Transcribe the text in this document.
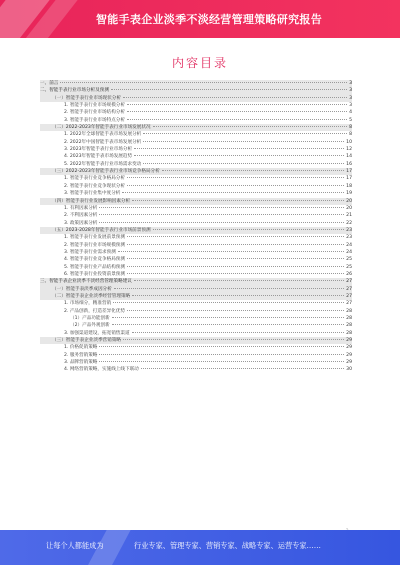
智能手表企业淡季不淡经营管理策略研究报告
内容目录
一、前言	3
二、智能手表行业市场分析及预测	3
（一）智能手表行业市场现状分析	3
1. 智能手表行业市场规模分析	3
2. 智能手表行业市场结构分析	4
3. 智能手表行业市场特点分析	5
（二）2022-2023年智能手表行业市场发展状况	8
1. 2022年全球智能手表市场发展分析	8
2. 2022年中国智能手表市场发展分析	10
3. 2023年智能手表行业市场分析	12
4. 2023年智能手表市场发展趋势	14
5. 2022年智能手表行业市场需求变动	16
（三）2022-2023年智能手表行业市场竞争格局分析	17
1. 智能手表行业竞争格局分析	17
2. 智能手表行业竞争现状分析	18
3. 智能手表行业集中度分析	19
（四）智能手表行业发展影响因素分析	20
1. 有利因素分析	20
2. 不利因素分析	21
3. 政策因素分析	22
（五）2023-2028年智能手表行业市场前景预测	23
1. 智能手表行业发展前景预测	23
2. 智能手表行业市场规模预测	24
3. 智能手表行业需求预测	24
4. 智能手表行业竞争格局预测	25
5. 智能手表行业产品结构预测	25
6. 智能手表行业投资前景预测	26
三、智能手表企业淡季不淡经营管理策略建议	27
（一）智能手表淡季成因分析	27
（二）智能手表企业淡季经营管理策略	27
1. 市场细分，精准营销	27
2. 产品创新，打造差异化优势	28
（1）产品功能创新	28
（2）产品外观创新	28
3. 加强渠道建设，拓宽销售渠道	28
（三）智能手表企业淡季营销策略	29
1. 价格促销策略	29
2. 服务营销策略	29
3. 品牌营销策略	29
4. 网络营销策略，实施线上线下联动	30
让每个人都能成为	行业专家、管理专家、营销专家、战略专家、运营专家……
